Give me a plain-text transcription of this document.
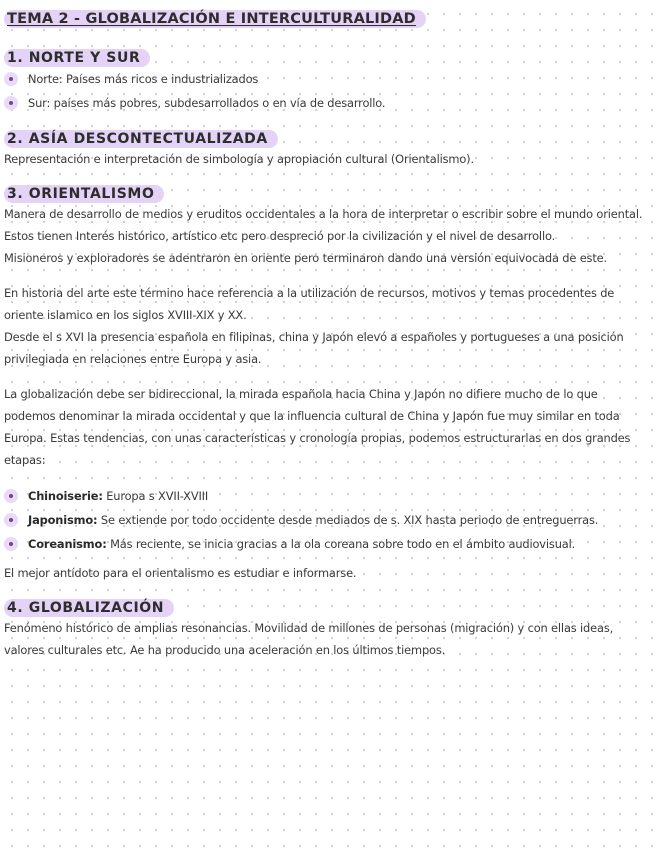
TEMA 2 - GLOBALIZACIÓN E INTERCULTURALIDAD
1. NORTE Y SUR
Norte: Países más ricos e industrializados
Sur: países más pobres, subdesarrollados o en vía de desarrollo.
2. ASÍA DESCONTECTUALIZADA

Representación e interpretación de simbología y apropiación cultural (Orientalismo).

3. ORIENTALISMO

Manera de desarrollo de medios y eruditos occidentales a la hora de interpretar o escribir sobre el mundo oriental.

Estos tienen Interés histórico, artístico etc pero despreció por la civilización y el nivel de desarrollo.

Misioneros y exploradores se adentraron en oriente pero terminaron dando una versión equivocada de este.

En historia del arte este término hace referencia a la utilización de recursos, motivos y temas procedentes de oriente islamico en los siglos XVIII-XIX y XX.

Desde el s XVI la presencia española en filipinas, china y Japón elevó a españoles y portugueses a una posición privilegiada en relaciones entre Europa y asia.

La globalización debe ser bidireccional, la mirada española hacia China y Japón no difiere mucho de lo que podemos denominar la mirada occidental y que la influencia cultural de China y Japón fue muy similar en toda Europa. Estas tendencias, con unas características y cronología propias, podemos estructurarlas en dos grandes etapas:

Chinoiserie: Europa s XVII-XVIII
Japonismo: Se extiende por todo occidente desde mediados de s. XIX hasta periodo de entreguerras.
Coreanismo: Más reciente, se inicia gracias a la ola coreana sobre todo en el ámbito audiovisual.

El mejor antídoto para el orientalismo es estudiar e informarse.

4. GLOBALIZACIÓN

Fenómeno histórico de amplias resonancias. Movilidad de millones de personas (migración) y con ellas ideas, valores culturales etc. Ae ha producido una aceleración en los últimos tiempos.
